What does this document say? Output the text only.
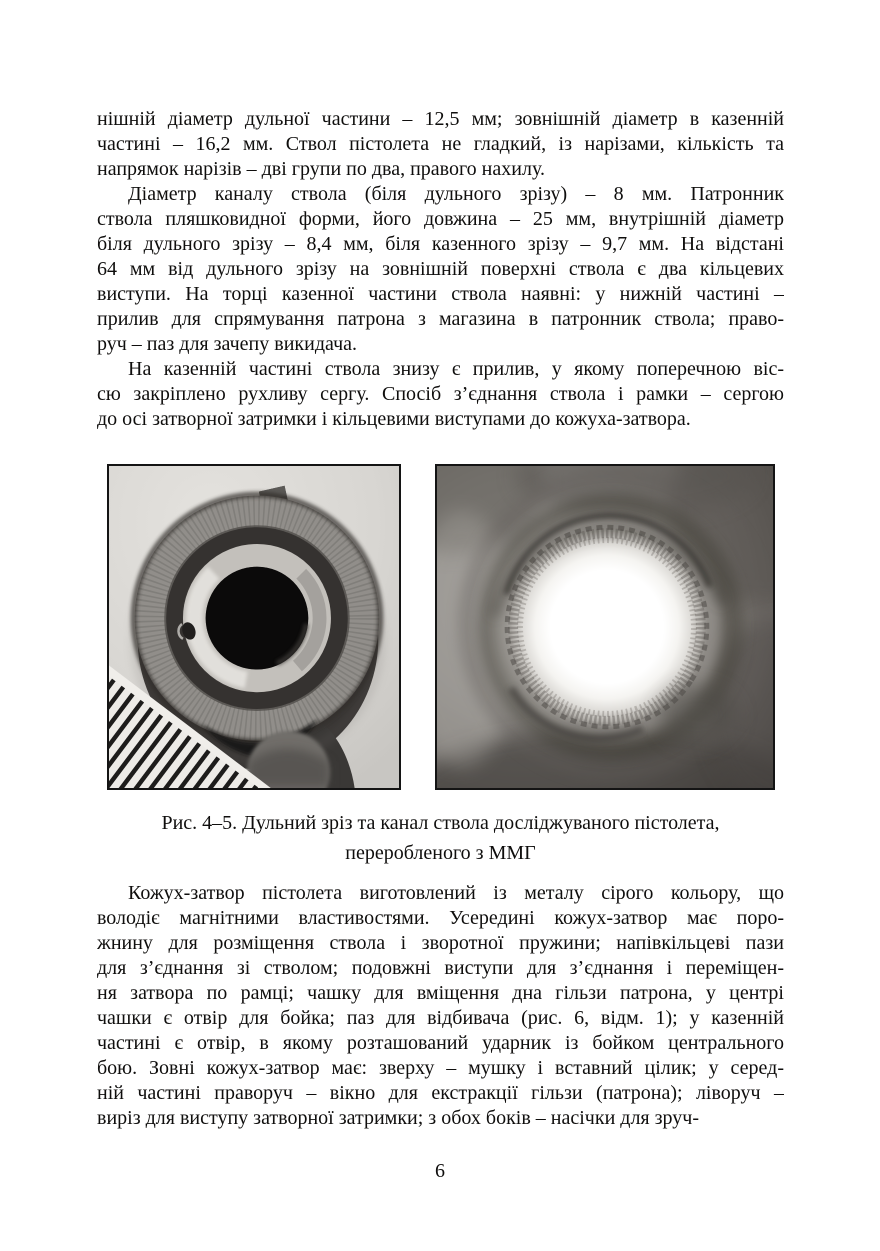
нішній діаметр дульної частини – 12,5 мм; зовнішній діаметр в казенній
частині – 16,2 мм. Ствол пістолета не гладкий, із нарізами, кількість та
напрямок нарізів – дві групи по два, правого нахилу.
Діаметр каналу ствола (біля дульного зрізу) – 8 мм. Патронник
ствола пляшковидної форми, його довжина – 25 мм, внутрішній діаметр
біля дульного зрізу – 8,4 мм, біля казенного зрізу – 9,7 мм. На відстані
64 мм від дульного зрізу на зовнішній поверхні ствола є два кільцевих
виступи. На торці казенної частини ствола наявні: у нижній частині –
прилив для спрямування патрона з магазина в патронник ствола; право-
руч – паз для зачепу викидача.
На казенній частині ствола знизу є прилив, у якому поперечною віс-
сю закріплено рухливу сергу. Спосіб з’єднання ствола і рамки – сергою
до осі затворної затримки і кільцевими виступами до кожуха-затвора.
Рис. 4–5. Дульний зріз та канал ствола досліджуваного пістолета,
переробленого з ММГ
Кожух-затвор пістолета виготовлений із металу сірого кольору, що
володіє магнітними властивостями. Усередині кожух-затвор має поро-
жнину для розміщення ствола і зворотної пружини; напівкільцеві пази
для з’єднання зі стволом; подовжні виступи для з’єднання і переміщен-
ня затвора по рамці; чашку для вміщення дна гільзи патрона, у центрі
чашки є отвір для бойка; паз для відбивача (рис. 6, відм. 1); у казенній
частині є отвір, в якому розташований ударник із бойком центрального
бою. Зовні кожух-затвор має: зверху – мушку і вставний цілик; у серед-
ній частині праворуч – вікно для екстракції гільзи (патрона); ліворуч –
виріз для виступу затворної затримки; з обох боків – насічки для зруч-
6
